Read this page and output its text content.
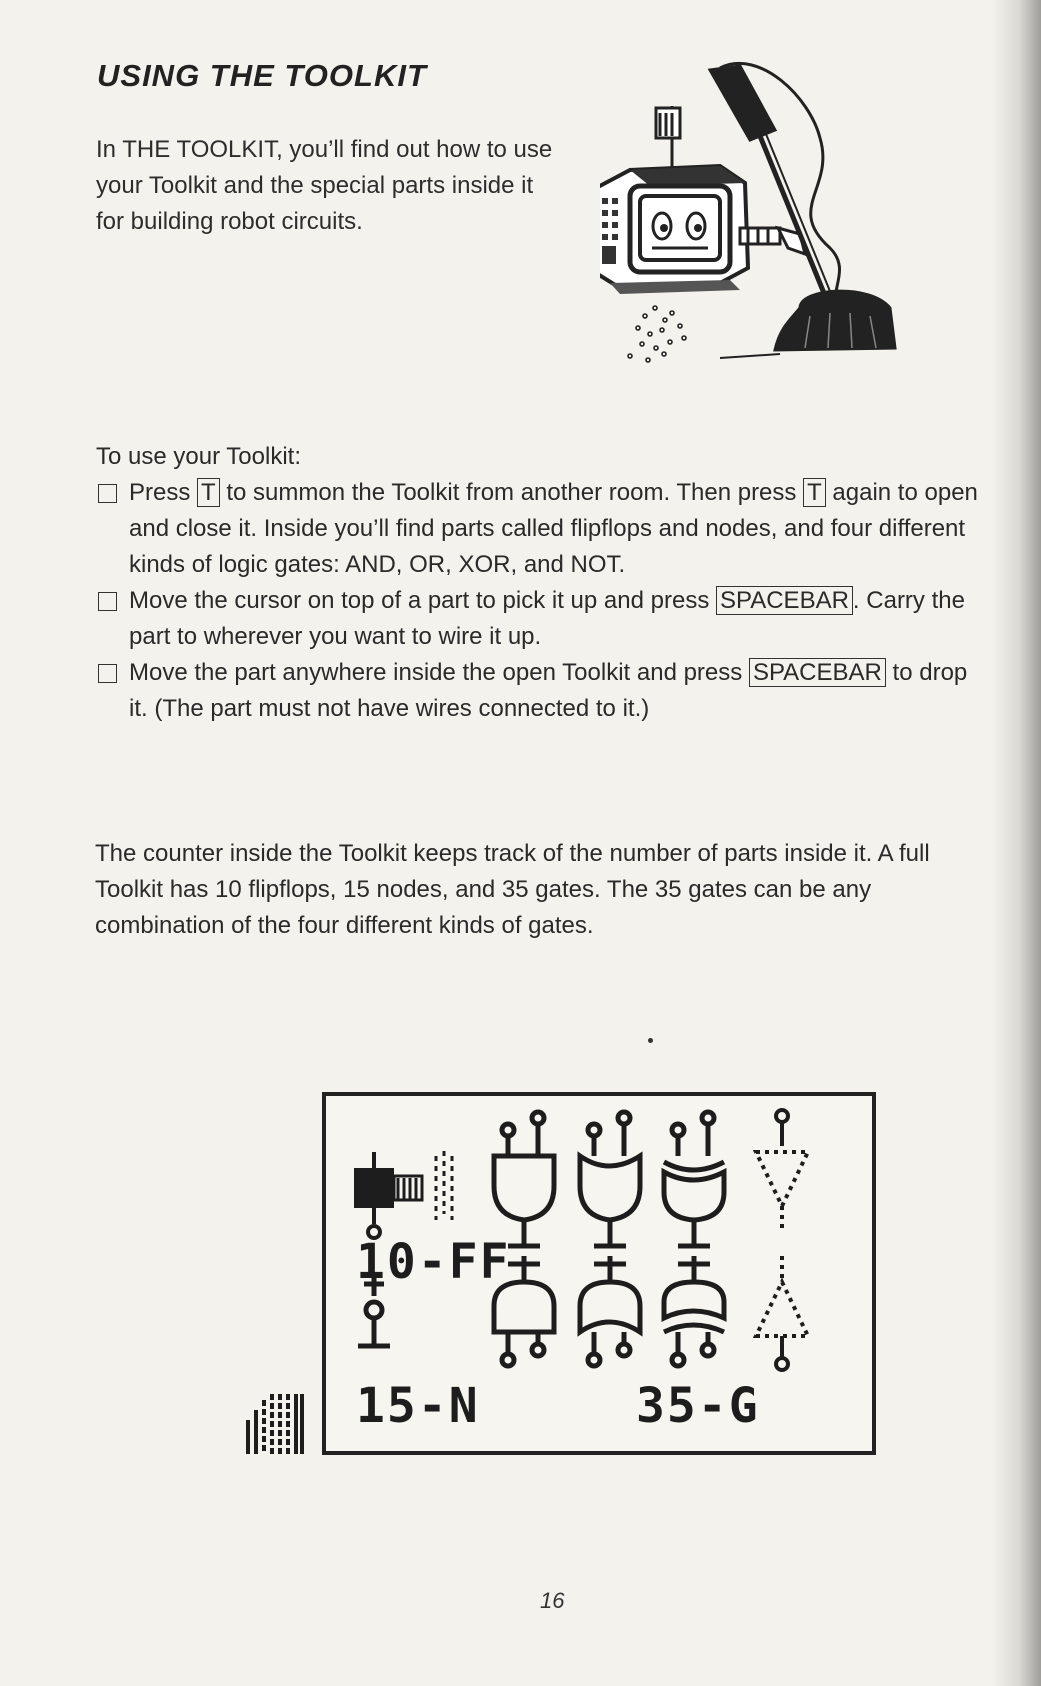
USING THE TOOLKIT
In THE TOOLKIT, you’ll find out how to use your Toolkit and the special parts inside it for building robot circuits.
To use your Toolkit:
Press T to summon the Toolkit from another room. Then press T again to open and close it. Inside you’ll find parts called flipflops and nodes, and four different kinds of logic gates: AND, OR, XOR, and NOT.
Move the cursor on top of a part to pick it up and press SPACEBAR . Carry the part to wherever you want to wire it up.
Move the part anywhere inside the open Toolkit and press SPACEBAR to drop it. (The part must not have wires connected to it.)
The counter inside the Toolkit keeps track of the number of parts inside it. A full Toolkit has 10 flipflops, 15 nodes, and 35 gates. The 35 gates can be any combination of the four different kinds of gates.
10-FF
15-N	35-G
16
